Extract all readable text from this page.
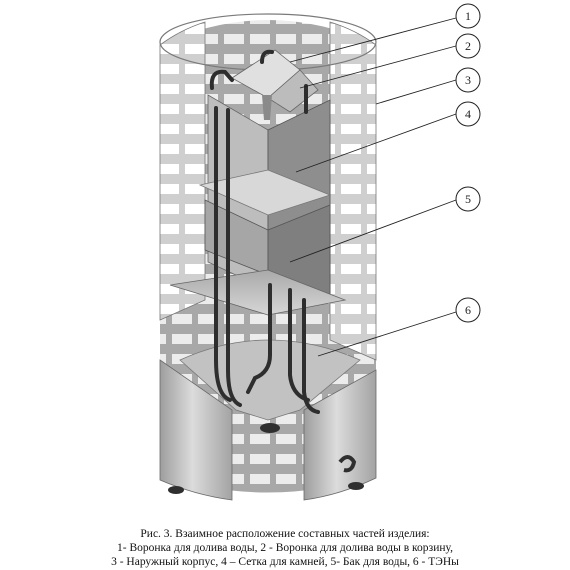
1
2
3
4
5
6
Рис. 3. Взаимное расположение составных частей изделия:
1- Воронка для долива воды, 2 - Воронка для долива воды в корзину,
3 - Наружный корпус, 4 – Сетка для камней, 5- Бак для воды, 6 - ТЭНы
